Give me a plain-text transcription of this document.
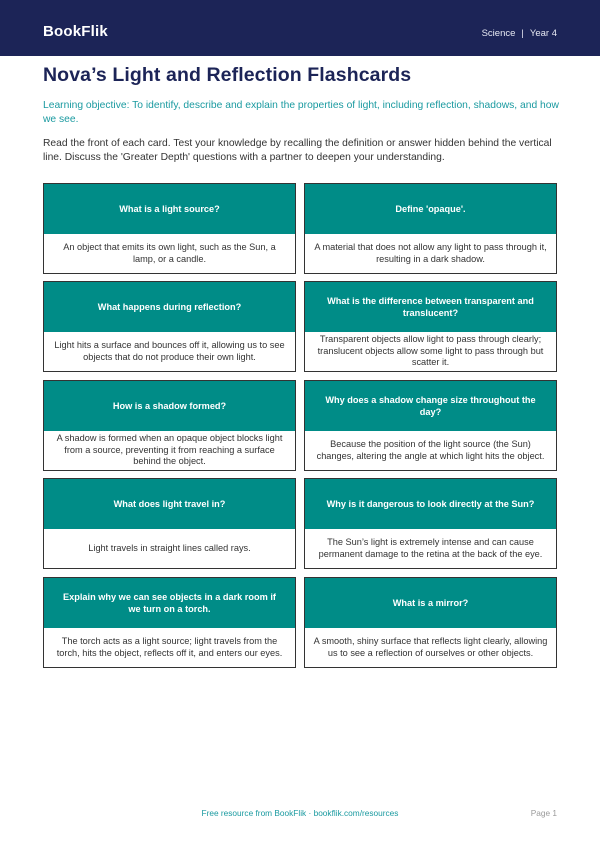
BookFlik	Science | Year 4
Nova’s Light and Reflection Flashcards
Learning objective: To identify, describe and explain the properties of light, including reflection, shadows, and how we see.
Read the front of each card. Test your knowledge by recalling the definition or answer hidden behind the vertical line. Discuss the 'Greater Depth' questions with a partner to deepen your understanding.
What is a light source?
An object that emits its own light, such as the Sun, a lamp, or a candle.
Define 'opaque'.
A material that does not allow any light to pass through it, resulting in a dark shadow.
What happens during reflection?
Light hits a surface and bounces off it, allowing us to see objects that do not produce their own light.
What is the difference between transparent and translucent?
Transparent objects allow light to pass through clearly; translucent objects allow some light to pass through but scatter it.
How is a shadow formed?
A shadow is formed when an opaque object blocks light from a source, preventing it from reaching a surface behind the object.
Why does a shadow change size throughout the day?
Because the position of the light source (the Sun) changes, altering the angle at which light hits the object.
What does light travel in?
Light travels in straight lines called rays.
Why is it dangerous to look directly at the Sun?
The Sun’s light is extremely intense and can cause permanent damage to the retina at the back of the eye.
Explain why we can see objects in a dark room if we turn on a torch.
The torch acts as a light source; light travels from the torch, hits the object, reflects off it, and enters our eyes.
What is a mirror?
A smooth, shiny surface that reflects light clearly, allowing us to see a reflection of ourselves or other objects.
Free resource from BookFlik · bookflik.com/resources	Page 1
